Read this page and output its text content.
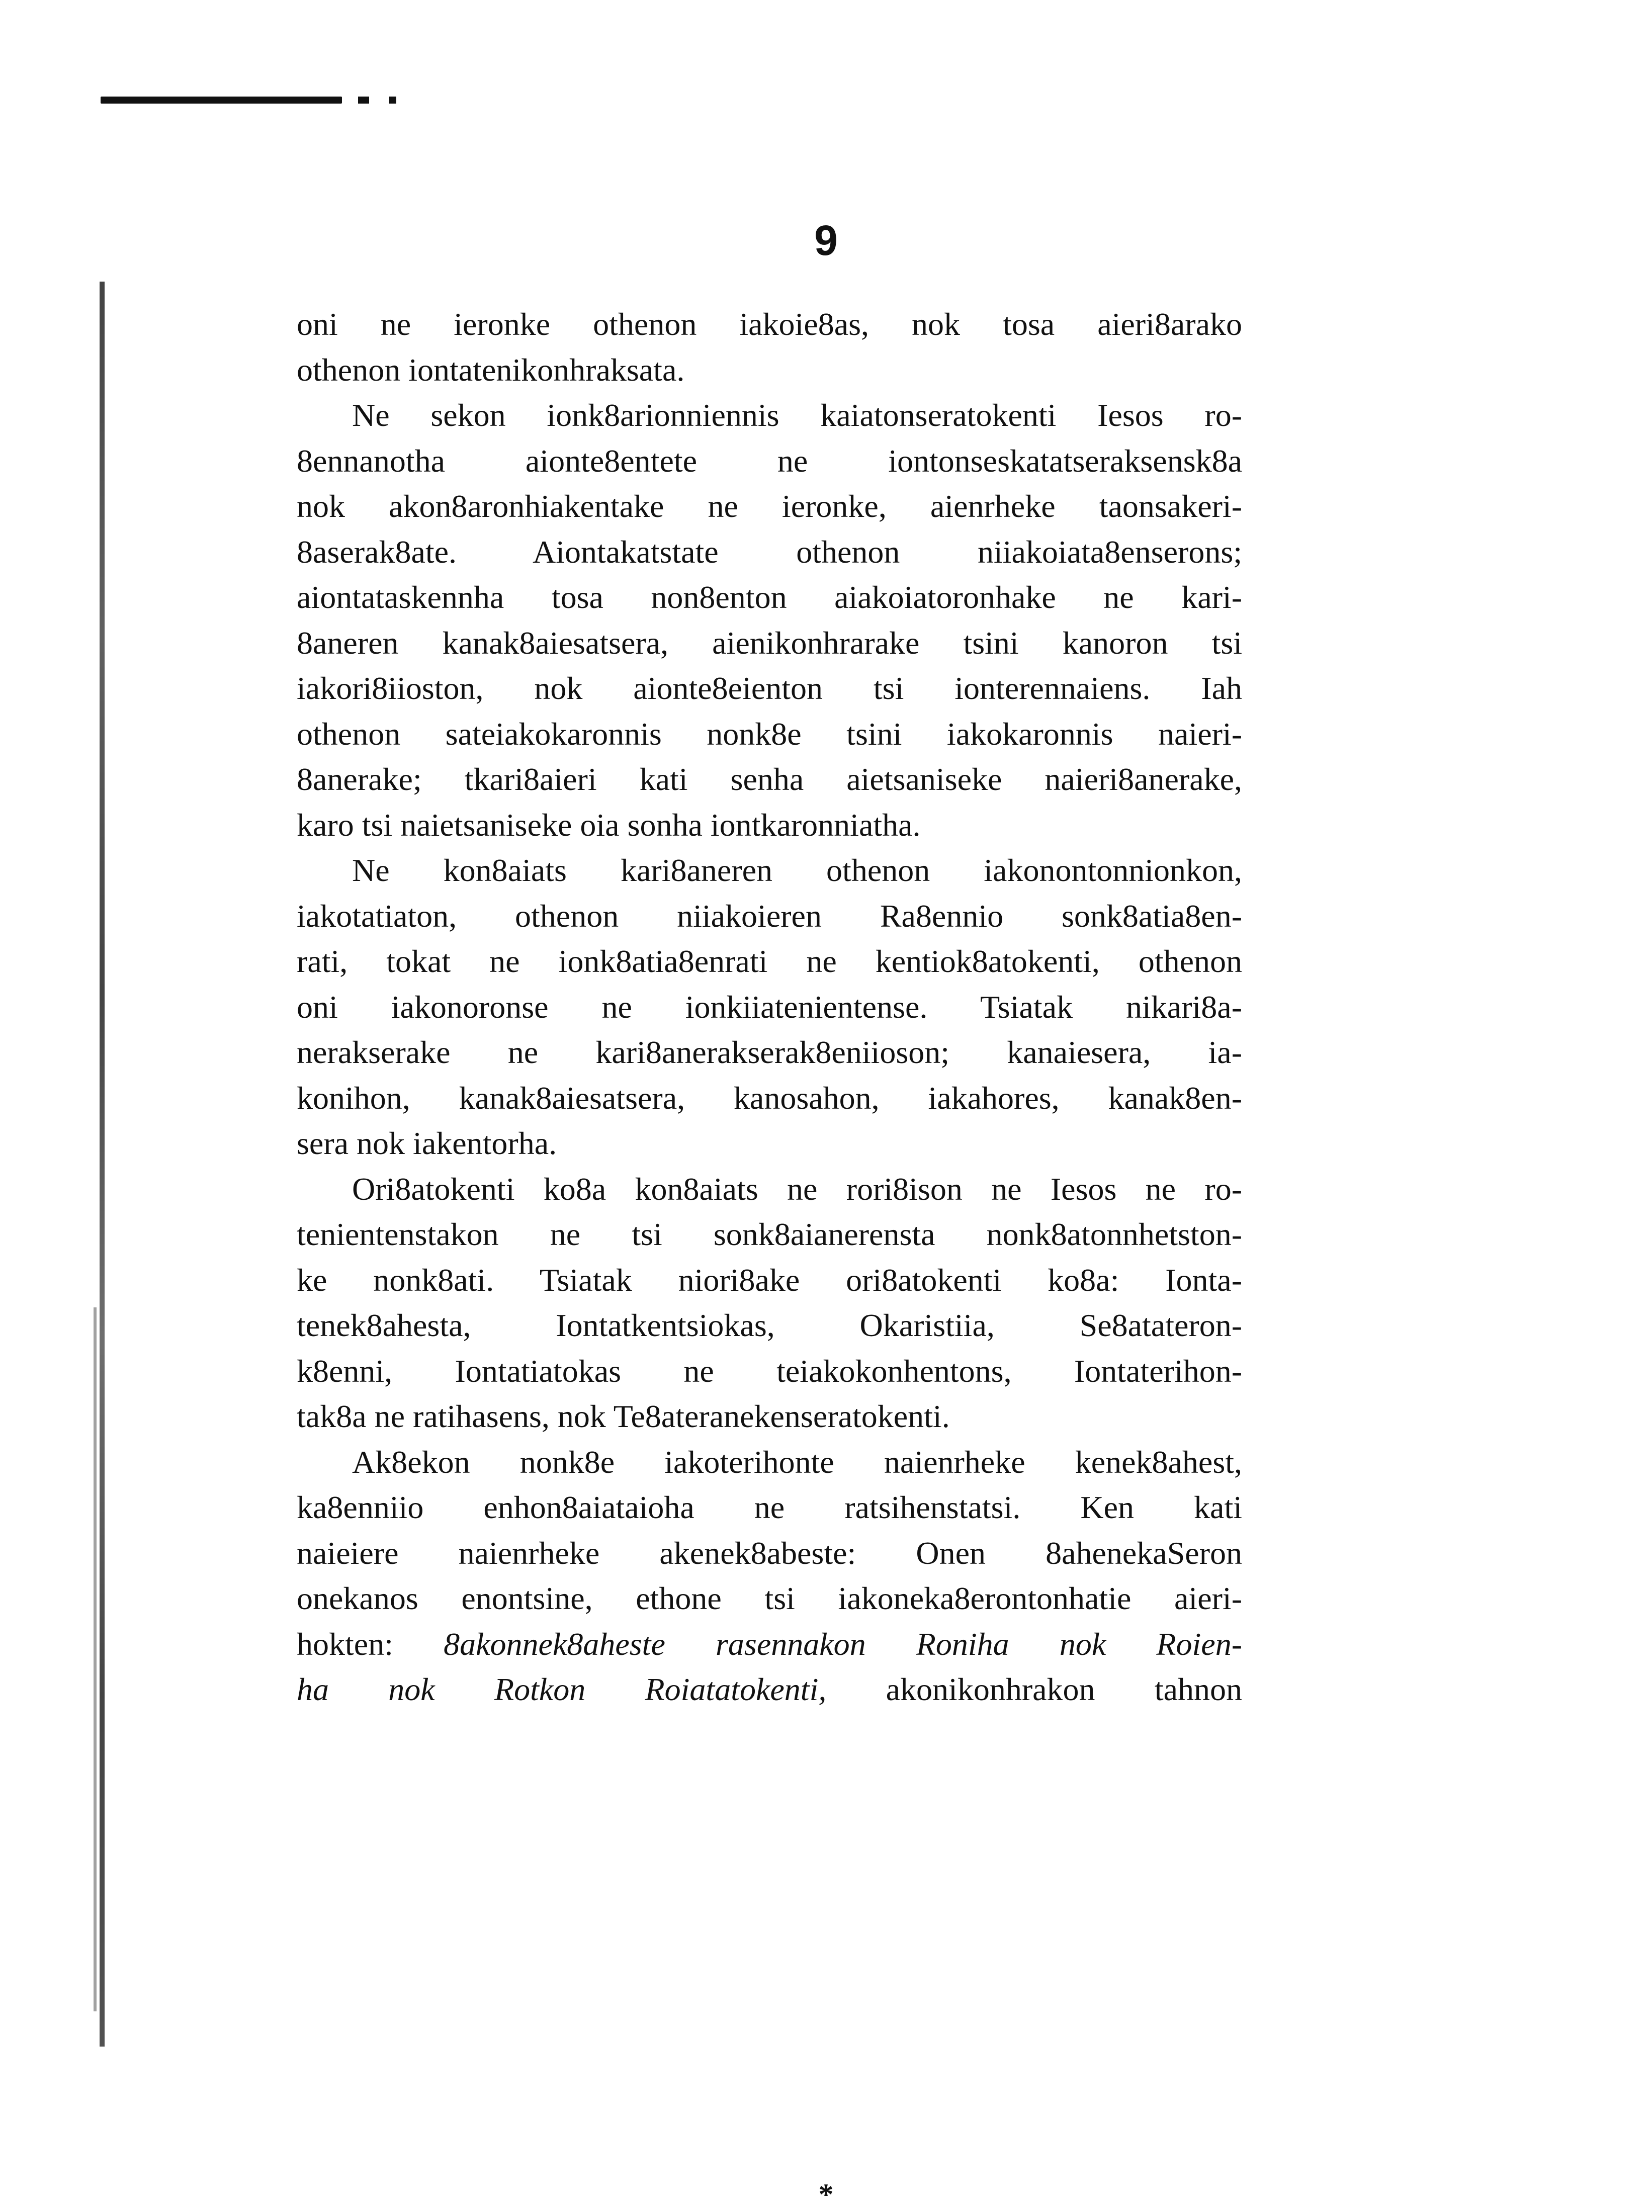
9
oni ne ieronke othenon iakoie8as, nok tosa aieri8arako
othenon iontatenikonhraksata.
Ne sekon ionk8arionniennis kaiatonseratokenti Iesos ro-
8ennanotha aionte8entete ne iontonseskatatseraksensk8a
nok akon8aronhiakentake ne ieronke, aienrheke taonsakeri-
8aserak8ate. Aiontakatstate othenon niiakoiata8enserons;
aiontataskennha tosa non8enton aiakoiatoronhake ne kari-
8aneren kanak8aiesatsera, aienikonhrarake tsini kanoron tsi
iakori8iioston, nok aionte8eienton tsi ionterennaiens. Iah
othenon sateiakokaronnis nonk8e tsini iakokaronnis naieri-
8anerake; tkari8aieri kati senha aietsaniseke naieri8anerake,
karo tsi naietsaniseke oia sonha iontkaronniatha.
Ne kon8aiats kari8aneren othenon iakonontonnionkon,
iakotatiaton, othenon niiakoieren Ra8ennio sonk8atia8en-
rati, tokat ne ionk8atia8enrati ne kentiok8atokenti, othenon
oni iakonoronse ne ionkiiatenientense. Tsiatak nikari8a-
nerakserake ne kari8anerakserak8eniioson; kanaiesera, ia-
konihon, kanak8aiesatsera, kanosahon, iakahores, kanak8en-
sera nok iakentorha.
Ori8atokenti ko8a kon8aiats ne rori8ison ne Iesos ne ro-
tenientenstakon ne tsi sonk8aianerensta nonk8atonnhetston-
ke nonk8ati. Tsiatak niori8ake ori8atokenti ko8a: Ionta-
tenek8ahesta, Iontatkentsiokas, Okaristiia, Se8atateron-
k8enni, Iontatiatokas ne teiakokonhentons, Iontaterihon-
tak8a ne ratihasens, nok Te8ateranekenseratokenti.
Ak8ekon nonk8e iakoterihonte naienrheke kenek8ahest,
ka8enniio enhon8aiataioha ne ratsihenstatsi. Ken kati
naieiere naienrheke akenek8abeste: Onen 8ahenekaSeron
onekanos enontsine, ethone tsi iakoneka8erontonhatie aieri-
hokten: 8akonnek8aheste rasennakon Roniha nok Roien-
ha nok Rotkon Roiatatokenti, akonikonhrakon tahnon
*
